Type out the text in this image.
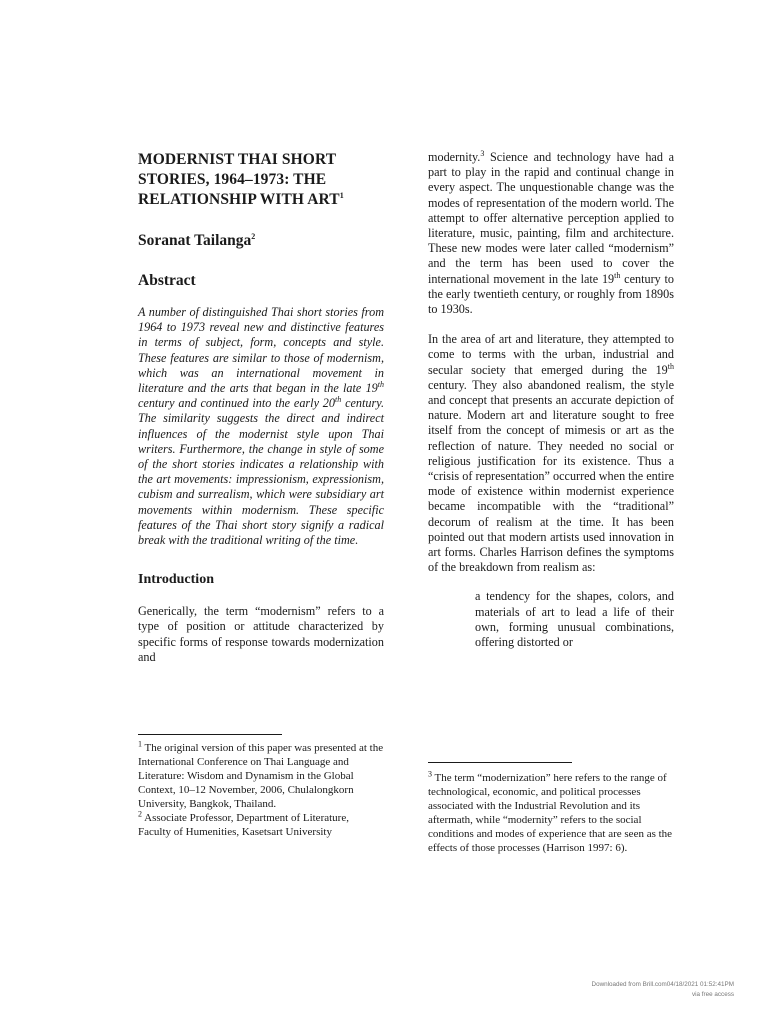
MODERNIST THAI SHORT
STORIES, 1964–1973: THE
RELATIONSHIP WITH ART$^1$

Soranat Tailanga$^2$

Abstract

A number of distinguished Thai short stories from 1964 to 1973 reveal new and distinctive features in terms of subject, form, concepts and style. These features are similar to those of modernism, which was an international movement in literature and the arts that began in the late 19th century and continued into the early 20th century. The similarity suggests the direct and indirect influences of the modernist style upon Thai writers. Furthermore, the change in style of some of the short stories indicates a relationship with the art movements: impressionism, expressionism, cubism and surrealism, which were subsidiary art movements within modernism. These specific features of the Thai short story signify a radical break with the traditional writing of the time.

Introduction

Generically, the term “modernism” refers to a type of position or attitude characterized by specific forms of response towards modernization and

$^1$ The original version of this paper was presented at the International Conference on Thai Language and Literature: Wisdom and Dynamism in the Global Context, 10–12 November, 2006, Chulalongkorn University, Bangkok, Thailand.

$^2$ Associate Professor, Department of Literature, Faculty of Humenities, Kasetsart University

modernity.$^3$ Science and technology have had a part to play in the rapid and continual change in every aspect. The unquestionable change was the modes of representation of the modern world. The attempt to offer alternative perception applied to literature, music, painting, film and architecture. These new modes were later called “modernism” and the term has been used to cover the international movement in the late 19th century to the early twentieth century, or roughly from 1890s to 1930s.

In the area of art and literature, they attempted to come to terms with the urban, industrial and secular society that emerged during the 19th century. They also abandoned realism, the style and concept that presents an accurate depiction of nature. Modern art and literature sought to free itself from the concept of mimesis or art as the reflection of nature. They needed no social or religious justification for its existence. Thus a “crisis of representation” occurred when the entire mode of existence within modernist experience became incompatible with the “traditional” decorum of realism at the time. It has been pointed out that modern artists used innovation in art forms. Charles Harrison defines the symptoms of the breakdown from realism as:

a tendency for the shapes, colors, and materials of art to lead a life of their own, forming unusual combinations, offering distorted or

$^3$ The term “modernization” here refers to the range of technological, economic, and political processes associated with the Industrial Revolution and its aftermath, while “modernity” refers to the social conditions and modes of experience that are seen as the effects of those processes (Harrison 1997: 6).

Downloaded from Brill.com04/18/2021 01:52:41PM
via free access
